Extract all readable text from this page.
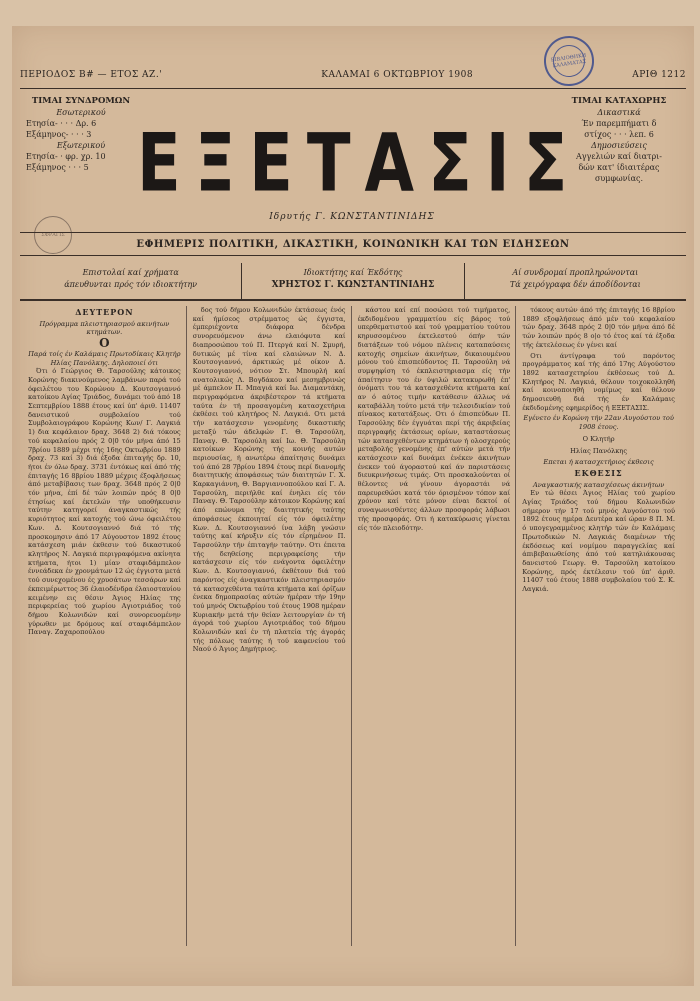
ΒΙΒΛΙΟΘΗΚΗ ΚΑΛΑΜΑΤΑΣ
ΠΕΡΙΟΔΟΣ Β# — ΕΤΟΣ ΑΖ.'	ΚΑΛΑΜΑΙ 6 ΟΚΤΩΒΡΙΟΥ 1908	ΑΡΙΘ 1212
ΤΙΜΑΙ ΣΥΝΔΡΟΜΩΝ
Εσωτερικού
Ετησία- · · · Δρ. 6
Εξάμηνος- · · · 3
Εξωτερικού
Ετησία- · φρ. χρ. 10
Εξάμηνος · · · 5 ΕΞΕΤΑΣΙΣ
ΤΙΜΑΙ ΚΑΤΑΧΩΡΗΣ
Δικαστικά
Έν παρεμπήματι δ
στίχος · · · λεπ. 6
Δημοσιεύσεις
Αγγελιών καί διατρι-
δών κατ' ίδιαιτέρας
συμφωνίας.
ΣΦΡΑΓΙΣ
Ιδρυτής Γ. ΚΩΝΣΤΑΝΤΙΝΙΔΗΣ
ΕΦΗΜΕΡΙΣ ΠΟΛΙΤΙΚΗ, ΔΙΚΑΣΤΙΚΗ, ΚΟΙΝΩΝΙΚΗ ΚΑΙ ΤΩΝ ΕΙΔΗΣΕΩΝ
Επιστολαί καί χρήματα
άπευθυνται πρός τόν ιδιοκτήτην
Ιδιοκτήτης καί Έκδότης
ΧΡΗΣΤΟΣ Γ. ΚΩΝΣΤΑΝΤΙΝΙΔΗΣ
Αί συνδρομαί προπληρώνονται
Τά χειρόγραφα δέν άποδίδονται
ΔΕΥΤΕΡΟΝ
Πρόγραμμα πλειστηριασμού ακινήτων κτημάτων.
Ο
Παρά τοίς έν Καλάμαις Πρωτοδίκαις Κλητήρ Ηλίας Πανόλκης. Δηλοποιεί ότι

Ότι ό Γεώργιος Θ. Ταρσούλης κάτοικος Κορώνης διακινούμενος λαμβάνων παρά τού όφειλέτου του Κορώνου Δ. Κουτσογιαννό κατοίκου Αγίας Τριάδος, δυνάμει τού άπό 18 Σεπτεμβρίου 1888 έτους καί ύπ' άριθ. 11407 δανειστικού συμβολαίου τού Συμβολαιογράφου Κορώνης Κων/ Γ. Λαγκιά 1) δια κεφάλαιον δραχ. 3648 2) διά τόκους τού κεφαλαίου πρός 2 0|0 τόν μήνα άπό 15 7βρίου 1889 μέχρι τής 16ης Οκτωβρίου 1889 δραχ. 73 καί 3) διά έξοδα έπιταγής δρ. 10, ήτοι έν όλω δραχ. 3731 έντόκως καί άπό τής έπιταγής 16 8βρίου 1889 μέχρις έξοφλήσεως άπό μεταβίβασις των δραχ. 3648 πρός 2 0|0 τόν μήνα, έπί δέ τών λοιπών πρός 8 0|0 έτησίως καί έκτελών τήν υποθήκευσιν ταύτην κατηγορεί άναγκαστικώς τής κυριότητος καί κατοχής τού ώνω όφειλέτου Κων. Δ. Κουτσογιαννό διά τό τής προσκομησιν άπό 17 Αύγουστον 1892 έτους κατάσχεση μιάν έκθεσιν τού δικαστικού κλητήρος Ν. Λαγκιά περιγραφόμενα ακίνητα κτήματα, ήτοι 1) μίαν σταφιδάμπελον έννεάδεκα έν χρονμάτων 12 ώς έγγιστα μετά τού συνεχομένου ές χρυσάτων τεσσάρων καί έκπειμέρωττος 36 έλαιοδένδρα έλαιοσταυίου κειμένην εις θέσιν Άγιος Ηλίας της περιφερείας τού χωρίου Αγιοτριάδος τού δήμου Κολωνιδών καί συνορευομένην γύρωθεν με δρόμους καί σταφιδάμπελον Παναγ. Ζαχαροπούλου

δος τού δήμου Κολωνιδών έκτάσεως ένός καί ήμίσεος στρέμματος ώς έγγιστα, έμπεριέχοντα διάφορα δένδρα συνορευόμενον άνω ελαιόφυτα καί διαπροσώπου τού Π. Πτεργά καί Ν. Σμυρή, δυτικώς μέ τίνα καί ελαιώνων Ν. Δ. Κουτσογιαννό, άρκτικώς μέ οίκον Δ. Κουτσογιαννό, νότιον Στ. Μπουρλή καί ανατολικώς Λ. Βογδάκου καί μεσημβρινώς μέ άμπελον Π. Μπαγιά καί Ιω. Διαμαντάκη, περιγραφόμενα άκριβέστερον τά κτήματα ταύτα έν τή προσαγομένη κατασχετήρια έκθέσει τού κλητήρος Ν. Λαγκιά. Οτι μετά τήν κατάσχεσιν γενομένης δικαστικής μεταξύ τών άδελφών Γ. Θ. Ταρσούλη, Παναγ. Θ. Ταρσούλη καί Ιω. Θ. Ταρσούλη κατοίκων Κορώνης τής κοινής αυτών περιουσίας, ή ανωτέρω άπαίτησις δυνάμει τού άπό 28 7βρίου 1894 έτους περί διανομής διαιτητικής άποφάσεως τών διαιτητών Γ. Χ. Καρκαγιάννη, Θ. Βαργιαννοπούλου καί Γ. Α. Ταρσούλη, περιήλθε καί ένηλει είς τόν Παναγ. Θ. Ταρσούλην κάτοικον Κορώνης καί άπό επώνυμα τής διαιτητικής ταύτης άποφάσεως έκποιηταί είς τόν όφειλέτην Κων. Δ. Κουτσογιαννό ίνα λάβη γνώσιν ταύτης καί κήρυξιν είς τόν εΐρημένον Π. Ταρσούλην τήν έπιταγήν ταύτην. Οτι έπειτα τής δεηθείσης περιγραφείσης τήν κατάσχεσιν είς τόν ενάγοντα όφειλέτην Κων. Δ. Κουτσογιαννό, έκθέτουν διά τού παρόντος είς άναγκαστικόν πλειστηριασμόν τά κατασχεθέντα ταύτα κτήματα καί όρίζων ένεκα δημοπρασίας αύτών ήμέραν τήν 19ην τού μηνός Οκτωβρίου τού έτους 1908 ημέραν Κυριακήν μετά τήν θείαν λειτουργίαν έν τή άγορά τού χωρίου Αγιοτριάδος τού δήμου Κολωνιδών καί έν τή πλατεία τής άγοράς τής πόλεως ταύτης ή τού καφενείου τού Ναού ό Άγιος Δημήτριος.

κάστου καί επί ποσώσει τού τιμήματος, έκδιδομένου γραμματίου είς βάρος τού υπερθεματιστού καί τού γραμματίου τούτου κηρυσσομένου έκτελεστού όπήν τών διατάξεων τού νόμου πλένεις καταπαύσεις κατοχής σημείων άκινήτων, δικαιουμένου μόνου τού έπισπεύδοντος Π. Ταρσούλη νά συμψηφίση τό έκπλειστηριασμα είς τήν άπαίτησιν του έν ύψιλώ κατακυρωθή έπ' όνόματι του τά κατασχεθέντα κτήματα καί αν ό αύτος τιμήν κατάθεσιν άλλως νά καταβάλλη τούτο μετά τήν τελεσιδικίαν τού πίνακος κατατάξεως. Οτι ό έπισπεύδων Π. Ταρσούλης δέν έγγυάται περί τής άκριβείας περιγραφής έκτάσεως ορίων, καταστάσεως τών κατασχεθέντων κτημάτων ή ολοσχερούς μεταβολής γενομένης έπ' αύτών μετά τήν κατάσχεσιν καί δυνάμει ένέκεν άκινήτων ένεκεν τού άγοραστού καί άν παριστάσεις διευκρινήσεως τιμάς. Οτι προσκαλούνται οί θέλοντες νά γίνουν άγοραστάι νά παρευρεθώσι κατά τόν όρισμένον τόπον καί χρόνον καί τότε μόνον είναι δεκτοί οί συναγωνισθέντες άλλων προσφοράς λάβωσι τής προσφοράς. Οτι ή κατακύρωσις γίνεται είς τόν πλειοδότην.

τόκους αυτών άπό τής έπιταγής 16 8βρίου 1889 εξοφλήσεως άπό μέν τού κεφαλαίου τών δραχ. 3648 πρός 2 0|0 τόν μήνα άπό δέ τών λοιπών πρός 8 ο|ο τό έτος καί τά έξοδα τής έκτελέσεως έν γένει καί

Οτι άντίγραφα τού παρόντος προγράμματος καί τής άπό 17ης Αύγούστου 1892 κατασχετηρίου έκθέσεως τού Δ. Κλητήρος Ν. Λαγκιά, θέλουν τοιχοκολληθή καί κοινοποιηθή νομίμως καί θέλουν δημοσιευθή διά τής έν Καλάμαις έκδιδομένης εφημερίδος ή ΕΞΕΤΑΣΙΣ.

Εγένετο έν Κορώνη τήν 22αν Αυγούστου τού 1908 έτους.
Ο Κλητήρ
Ηλίας Πανόλκης
Επεται ή κατασχετήριος έκθεσις
ΕΚΘΕΣΙΣ
Αναγκαστικής κατασχέσεως άκινήτων

Εν τώ θέσει Άγιος Ηλίας τού χωρίου Αγίας Τριάδος τού δήμου Κολωνιδών σήμερον τήν 17 τού μηνός Αυγούστου τού 1892 έτους ημέρα Δευτέρα καί ώραν 8 Π. Μ. ό υπογεγραμμένος κλητήρ τών έν Καλάμαις Πρωτοδικών Ν. Λαγκιάς διαμένων τής έκδόσεως καί νομίμου παραγγελίας καί άπιβεβαιωθείσης άπό τού κατηλιάκουσας δανειστού Γεωργ. Θ. Ταρσούλη κατοίκου Κορώνης, πρός έκτέλεσιν τού ύπ' άριθ. 11407 τού έτους 1888 συμβολαίου τού Σ. Κ. Λαγκιά.
